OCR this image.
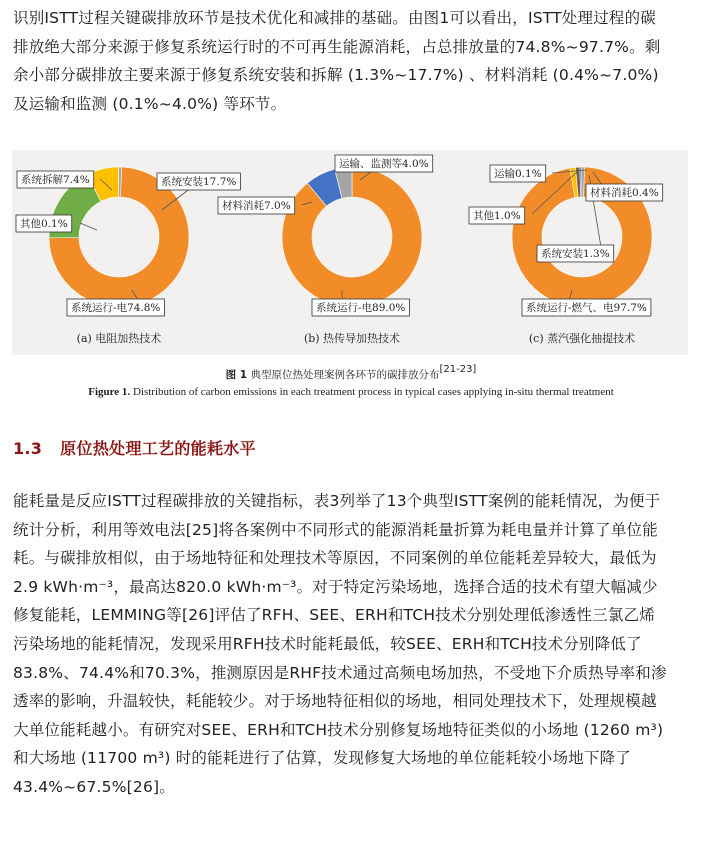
识别ISTT过程关键碳排放环节是技术优化和减排的基础。由图1可以看出，ISTT处理过程的碳
排放绝大部分来源于修复系统运行时的不可再生能源消耗，占总排放量的74.8%~97.7%。剩
余小部分碳排放主要来源于修复系统安装和拆解 (1.3%~17.7%) 、材料消耗 (0.4%~7.0%)
及运输和监测 (0.1%~4.0%) 等环节。
系统运行-电74.8%
系统安装17.7%
系统拆解7.4%
其他0.1%
(a) 电阻加热技术
系统运行-电89.0%
材料消耗7.0%
运输、监测等4.0%
(b) 热传导加热技术
系统运行-燃气、电97.7%
系统安装1.3%
其他1.0%
材料消耗0.4%
运输0.1%
(c) 蒸汽强化抽提技术
图 1 典型原位热处理案例各环节的碳排放分布[21-23]
Figure 1. Distribution of carbon emissions in each treatment process in typical cases applying in-situ thermal treatment
1.3 原位热处理工艺的能耗水平
能耗量是反应ISTT过程碳排放的关键指标，表3列举了13个典型ISTT案例的能耗情况，为便于
统计分析，利用等效电法[25]将各案例中不同形式的能源消耗量折算为耗电量并计算了单位能
耗。与碳排放相似，由于场地特征和处理技术等原因，不同案例的单位能耗差异较大，最低为
2.9 kWh·m⁻³，最高达820.0 kWh·m⁻³。对于特定污染场地，选择合适的技术有望大幅减少
修复能耗，LEMMING等[26]评估了RFH、SEE、ERH和TCH技术分别处理低渗透性三氯乙烯
污染场地的能耗情况，发现采用RFH技术时能耗最低，较SEE、ERH和TCH技术分别降低了
83.8%、74.4%和70.3%，推测原因是RHF技术通过高频电场加热，不受地下介质热导率和渗
透率的影响，升温较快，耗能较少。对于场地特征相似的场地，相同处理技术下，处理规模越
大单位能耗越小。有研究对SEE、ERH和TCH技术分别修复场地特征类似的小场地 (1260 m³)
和大场地 (11700 m³) 时的能耗进行了估算，发现修复大场地的单位能耗较小场地下降了
43.4%~67.5%[26]。
